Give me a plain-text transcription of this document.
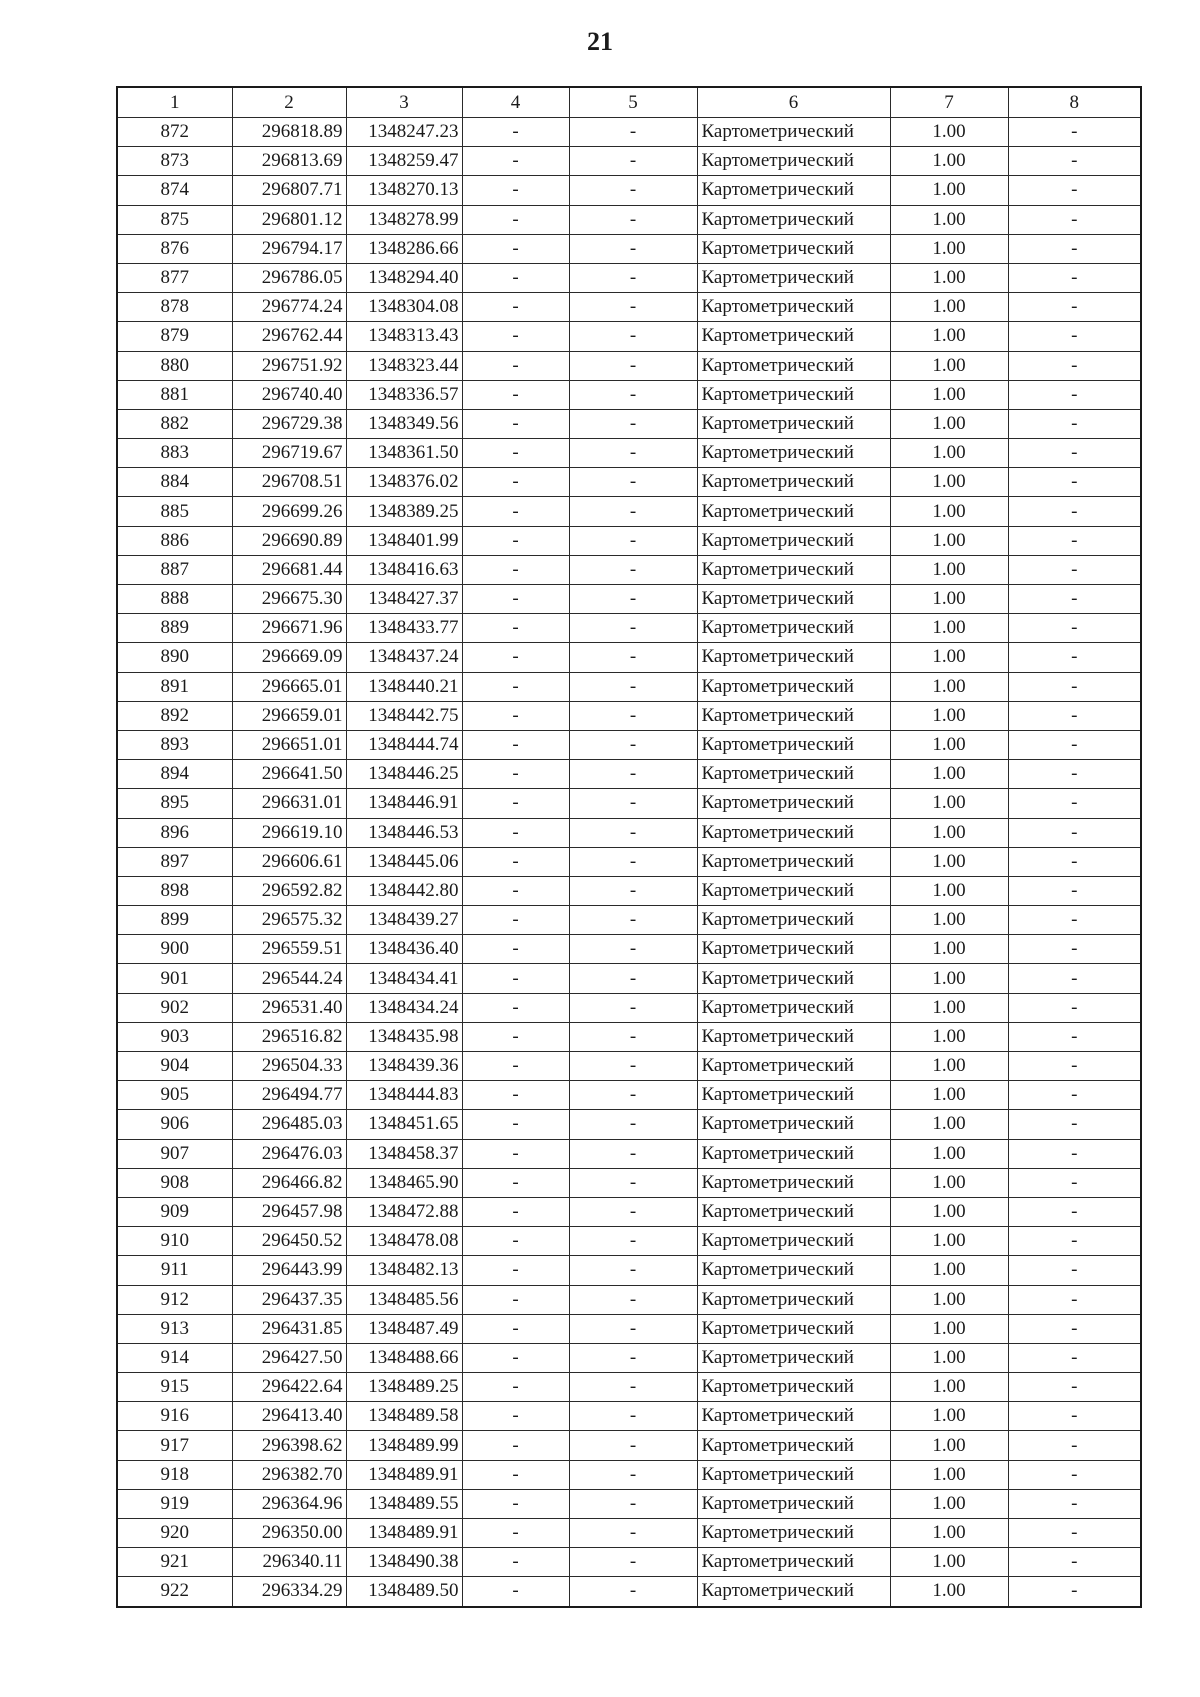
21
1	2	3	4	5	6	7	8
872	296818.89	1348247.23	-	-	Картометрический	1.00	-
873	296813.69	1348259.47	-	-	Картометрический	1.00	-
874	296807.71	1348270.13	-	-	Картометрический	1.00	-
875	296801.12	1348278.99	-	-	Картометрический	1.00	-
876	296794.17	1348286.66	-	-	Картометрический	1.00	-
877	296786.05	1348294.40	-	-	Картометрический	1.00	-
878	296774.24	1348304.08	-	-	Картометрический	1.00	-
879	296762.44	1348313.43	-	-	Картометрический	1.00	-
880	296751.92	1348323.44	-	-	Картометрический	1.00	-
881	296740.40	1348336.57	-	-	Картометрический	1.00	-
882	296729.38	1348349.56	-	-	Картометрический	1.00	-
883	296719.67	1348361.50	-	-	Картометрический	1.00	-
884	296708.51	1348376.02	-	-	Картометрический	1.00	-
885	296699.26	1348389.25	-	-	Картометрический	1.00	-
886	296690.89	1348401.99	-	-	Картометрический	1.00	-
887	296681.44	1348416.63	-	-	Картометрический	1.00	-
888	296675.30	1348427.37	-	-	Картометрический	1.00	-
889	296671.96	1348433.77	-	-	Картометрический	1.00	-
890	296669.09	1348437.24	-	-	Картометрический	1.00	-
891	296665.01	1348440.21	-	-	Картометрический	1.00	-
892	296659.01	1348442.75	-	-	Картометрический	1.00	-
893	296651.01	1348444.74	-	-	Картометрический	1.00	-
894	296641.50	1348446.25	-	-	Картометрический	1.00	-
895	296631.01	1348446.91	-	-	Картометрический	1.00	-
896	296619.10	1348446.53	-	-	Картометрический	1.00	-
897	296606.61	1348445.06	-	-	Картометрический	1.00	-
898	296592.82	1348442.80	-	-	Картометрический	1.00	-
899	296575.32	1348439.27	-	-	Картометрический	1.00	-
900	296559.51	1348436.40	-	-	Картометрический	1.00	-
901	296544.24	1348434.41	-	-	Картометрический	1.00	-
902	296531.40	1348434.24	-	-	Картометрический	1.00	-
903	296516.82	1348435.98	-	-	Картометрический	1.00	-
904	296504.33	1348439.36	-	-	Картометрический	1.00	-
905	296494.77	1348444.83	-	-	Картометрический	1.00	-
906	296485.03	1348451.65	-	-	Картометрический	1.00	-
907	296476.03	1348458.37	-	-	Картометрический	1.00	-
908	296466.82	1348465.90	-	-	Картометрический	1.00	-
909	296457.98	1348472.88	-	-	Картометрический	1.00	-
910	296450.52	1348478.08	-	-	Картометрический	1.00	-
911	296443.99	1348482.13	-	-	Картометрический	1.00	-
912	296437.35	1348485.56	-	-	Картометрический	1.00	-
913	296431.85	1348487.49	-	-	Картометрический	1.00	-
914	296427.50	1348488.66	-	-	Картометрический	1.00	-
915	296422.64	1348489.25	-	-	Картометрический	1.00	-
916	296413.40	1348489.58	-	-	Картометрический	1.00	-
917	296398.62	1348489.99	-	-	Картометрический	1.00	-
918	296382.70	1348489.91	-	-	Картометрический	1.00	-
919	296364.96	1348489.55	-	-	Картометрический	1.00	-
920	296350.00	1348489.91	-	-	Картометрический	1.00	-
921	296340.11	1348490.38	-	-	Картометрический	1.00	-
922	296334.29	1348489.50	-	-	Картометрический	1.00	-
